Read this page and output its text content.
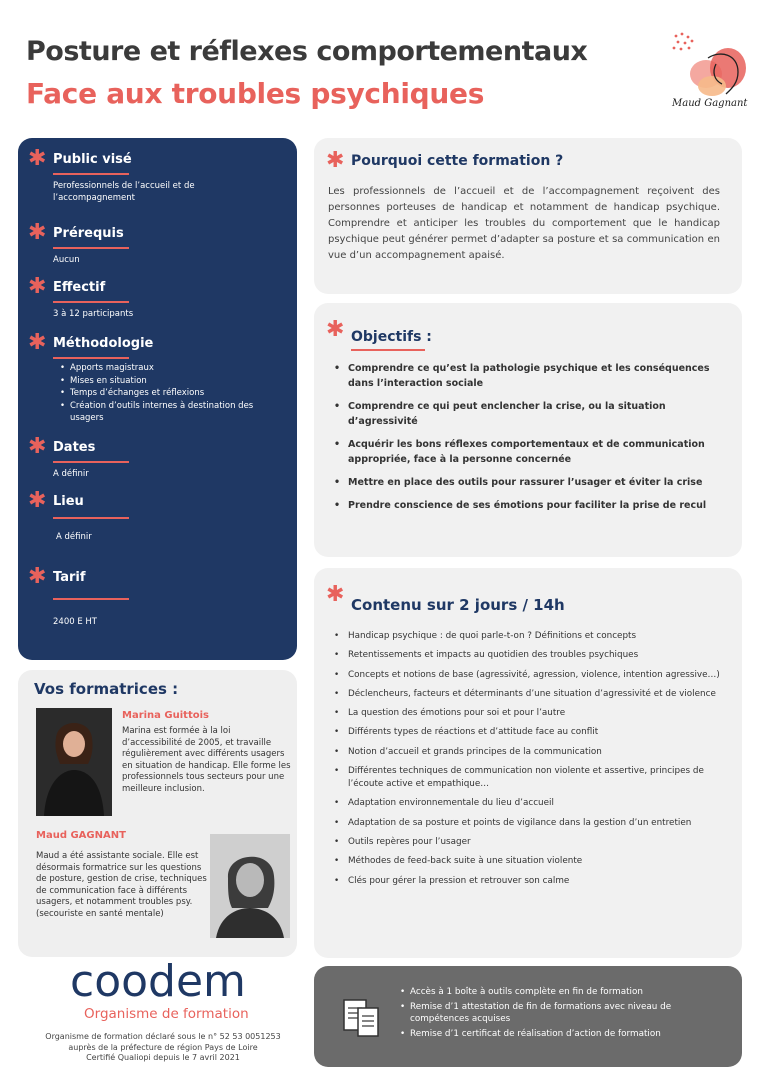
Posture et réflexes comportementaux
Face aux troubles psychiques	Maud Gagnant
✱ Public visé
Perofessionnels de l’accueil et de l’accompagnement
✱ Prérequis
Aucun
✱ Effectif
3 à 12 participants
✱ Méthodologie
• Apports magistraux
• Mises en situation
• Temps d’échanges et réflexions
• Création d’outils internes à destination des usagers
✱ Dates
A définir
✱ Lieu
A définir
✱ Tarif
2400 E HT
Vos formatrices :
Marina Guittois
Marina est formée à la loi d’accessibilité de 2005, et travaille régulièrement avec différents usagers en situation de handicap. Elle forme les professionnels tous secteurs pour une meilleure inclusion.
Maud GAGNANT
Maud a été assistante sociale. Elle est désormais formatrice sur les questions de posture, gestion de crise, techniques de communication face à différents usagers, et notamment troubles psy. (secouriste en santé mentale)
✱ Pourquoi cette formation ?
Les professionnels de l’accueil et de l’accompagnement reçoivent des personnes porteuses de handicap et notamment de handicap psychique. Comprendre et anticiper les troubles du comportement que le handicap psychique peut générer permet d’adapter sa posture et sa communication en vue d’un accompagnement apaisé.
✱ Objectifs :
• Comprendre ce qu’est la pathologie psychique et les conséquences dans l’interaction sociale
• Comprendre ce qui peut enclencher la crise, ou la situation d’agressivité
• Acquérir les bons réflexes comportementaux et de communication appropriée, face à la personne concernée
• Mettre en place des outils pour rassurer l’usager et éviter la crise
• Prendre conscience de ses émotions pour faciliter la prise de recul
✱ Contenu sur 2 jours / 14h
• Handicap psychique : de quoi parle-t-on ? Définitions et concepts
• Retentissements et impacts au quotidien des troubles psychiques
• Concepts et notions de base (agressivité, agression, violence, intention agressive…)
• Déclencheurs, facteurs et déterminants d’une situation d’agressivité et de violence
• La question des émotions pour soi et pour l’autre
• Différents types de réactions et d’attitude face au conflit
• Notion d’accueil et grands principes de la communication
• Différentes techniques de communication non violente et assertive, principes de l’écoute active et empathique…
• Adaptation environnementale du lieu d’accueil
• Adaptation de sa posture et points de vigilance dans la gestion d’un entretien
• Outils repères pour l’usager
• Méthodes de feed-back suite à une situation violente
• Clés pour gérer la pression et retrouver son calme
• Accès à 1 boîte à outils complète en fin de formation
• Remise d’1 attestation de fin de formations avec niveau de compétences acquises
• Remise d’1 certificat de réalisation d’action de formation
coodem
Organisme de formation
Organisme de formation déclaré sous le n° 52 53 0051253
auprès de la préfecture de région Pays de Loire
Certifié Qualiopi depuis le 7 avril 2021
